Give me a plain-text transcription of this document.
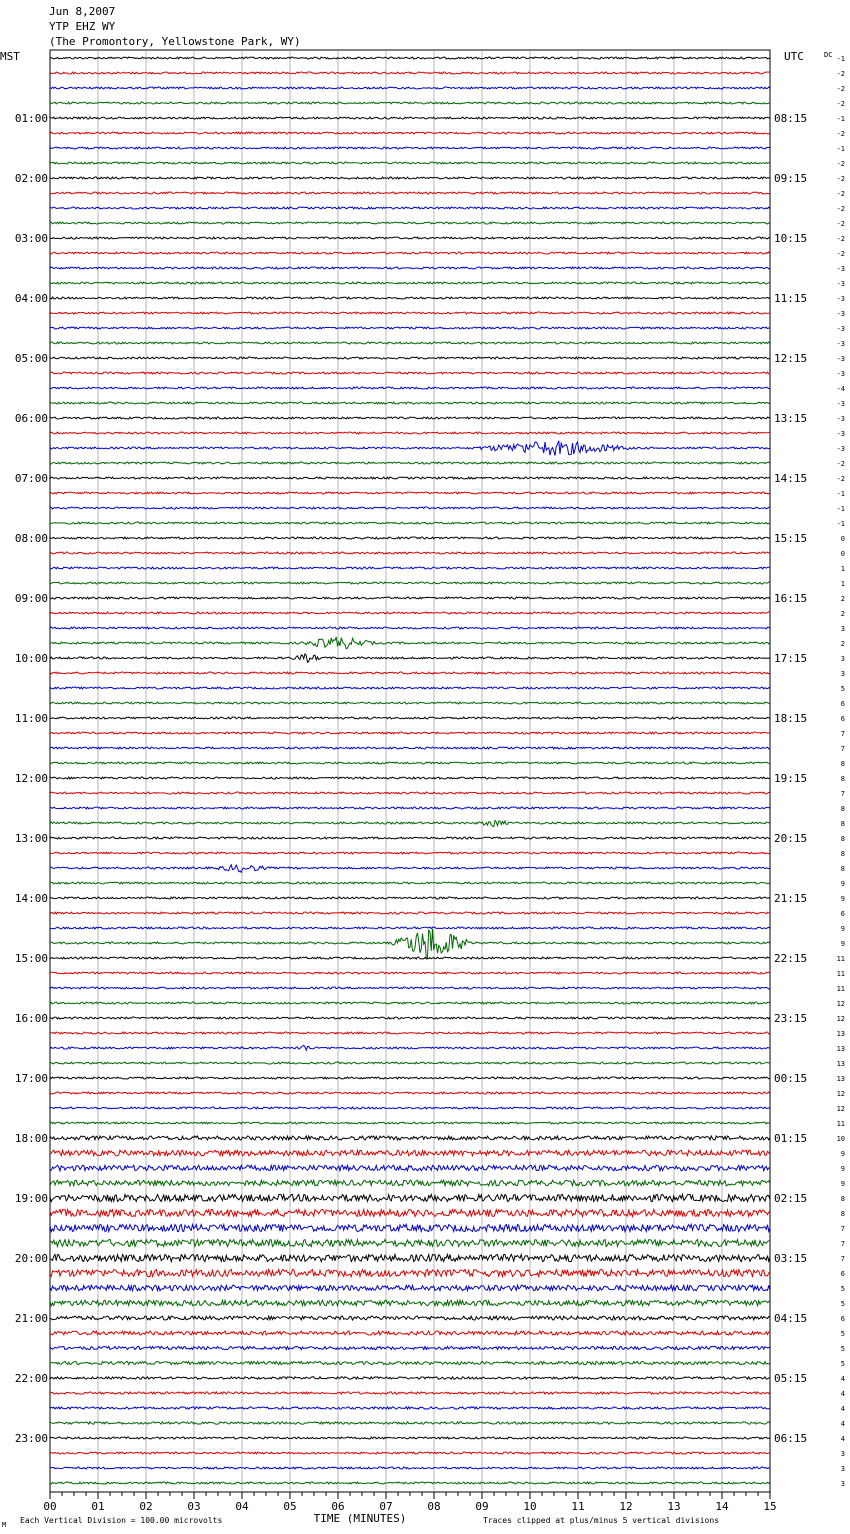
Jun 8,2007
YTP EHZ WY
(The Promontory, Yellowstone Park, WY)
MST	UTC	DC
01:00
02:00
03:00
04:00
05:00
06:00
07:00
08:00
09:00
10:00
11:00
12:00
13:00
14:00
15:00
16:00
17:00
18:00
19:00
20:00
21:00
22:00
23:00
08:15
09:15
10:15
11:15
12:15
13:15
14:15
15:15
16:15
17:15
18:15
19:15
20:15
21:15
22:15
23:15
00:15
01:15
02:15
03:15
04:15
05:15
06:15
-1
-2
-2
-2
-1
-2
-1
-2
-2
-2
-2
-2
-2
-2
-3
-3
-3
-3
-3
-3
-3
-3
-4
-3
-3
-3
-3
-2
-2
-1
-1
-1
0
0
1
1
2
2
3
2
3
3
5
6
6
7
7
8
8
7
8
8
8
8
8
9
9
6
9
9
11
11
11
12
12
13
13
13
13
12
12
11
10
9
9
9
8
8
7
7
7
6
5
5
6
5
5
5
4
4
4
4
4
3
3
3
00	01	02	03	04	05	06	07	08	09	10	11	12	13	14	15
TIME (MINUTES)
M Each Vertical Division = 100.00 microvolts	Traces clipped at plus/minus 5 vertical divisions
